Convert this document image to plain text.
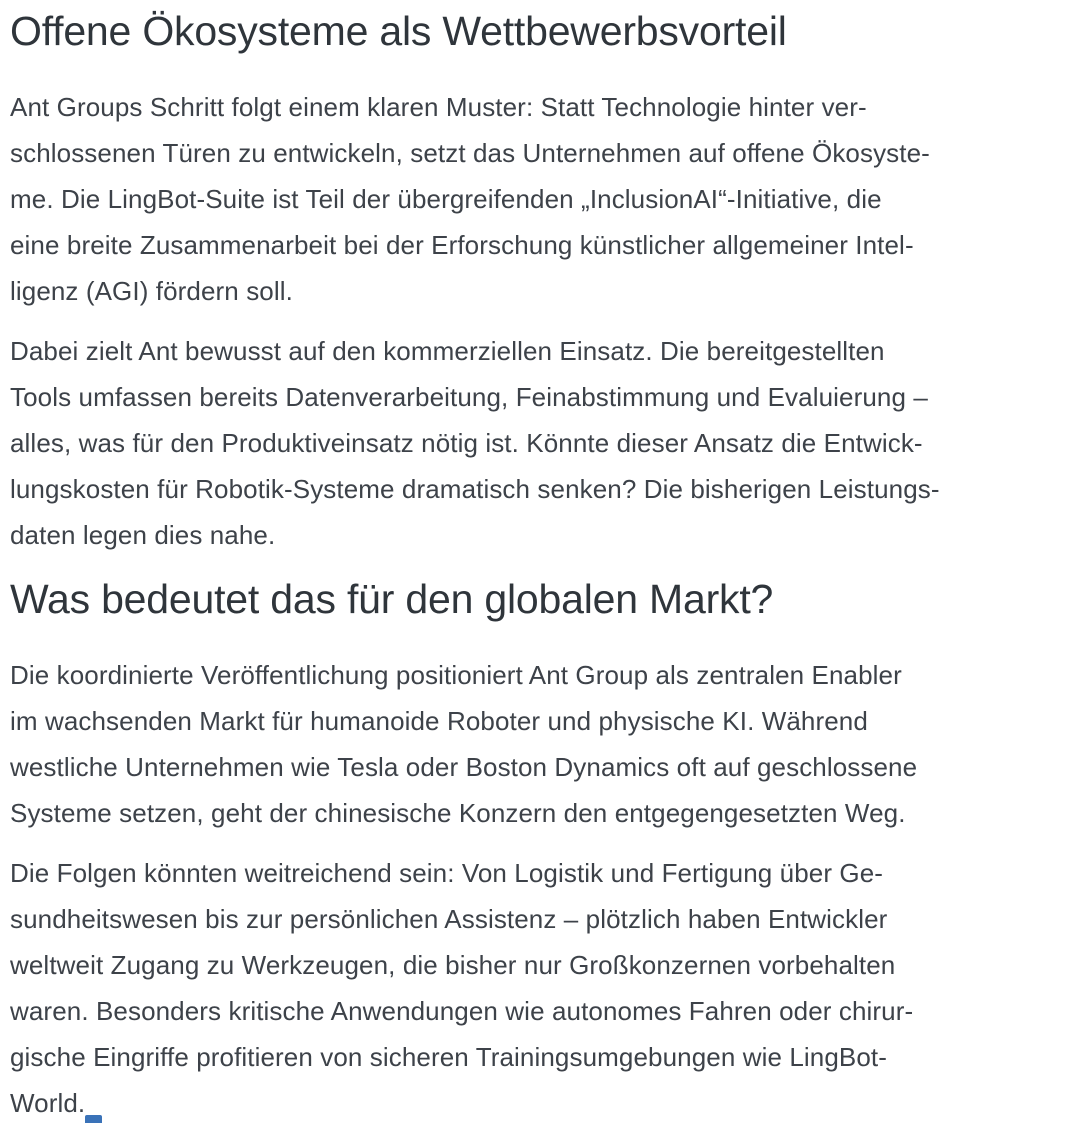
Offene Ökosysteme als Wettbewerbsvorteil

Ant Groups Schritt folgt einem klaren Muster: Statt Technologie hinter ver-
schlossenen Türen zu entwickeln, setzt das Unternehmen auf offene Ökosyste-
me. Die LingBot-Suite ist Teil der übergreifenden „InclusionAI“-Initiative, die
eine breite Zusammenarbeit bei der Erforschung künstlicher allgemeiner Intel-
ligenz (AGI) fördern soll.

Dabei zielt Ant bewusst auf den kommerziellen Einsatz. Die bereitgestellten
Tools umfassen bereits Datenverarbeitung, Feinabstimmung und Evaluierung –
alles, was für den Produktiveinsatz nötig ist. Könnte dieser Ansatz die Entwick-
lungskosten für Robotik-Systeme dramatisch senken? Die bisherigen Leistungs-
daten legen dies nahe.

Was bedeutet das für den globalen Markt?

Die koordinierte Veröffentlichung positioniert Ant Group als zentralen Enabler
im wachsenden Markt für humanoide Roboter und physische KI. Während
westliche Unternehmen wie Tesla oder Boston Dynamics oft auf geschlossene
Systeme setzen, geht der chinesische Konzern den entgegengesetzten Weg.

Die Folgen könnten weitreichend sein: Von Logistik und Fertigung über Ge-
sundheitswesen bis zur persönlichen Assistenz – plötzlich haben Entwickler
weltweit Zugang zu Werkzeugen, die bisher nur Großkonzernen vorbehalten
waren. Besonders kritische Anwendungen wie autonomes Fahren oder chirur-
gische Eingriffe profitieren von sicheren Trainingsumgebungen wie LingBot-
World.
